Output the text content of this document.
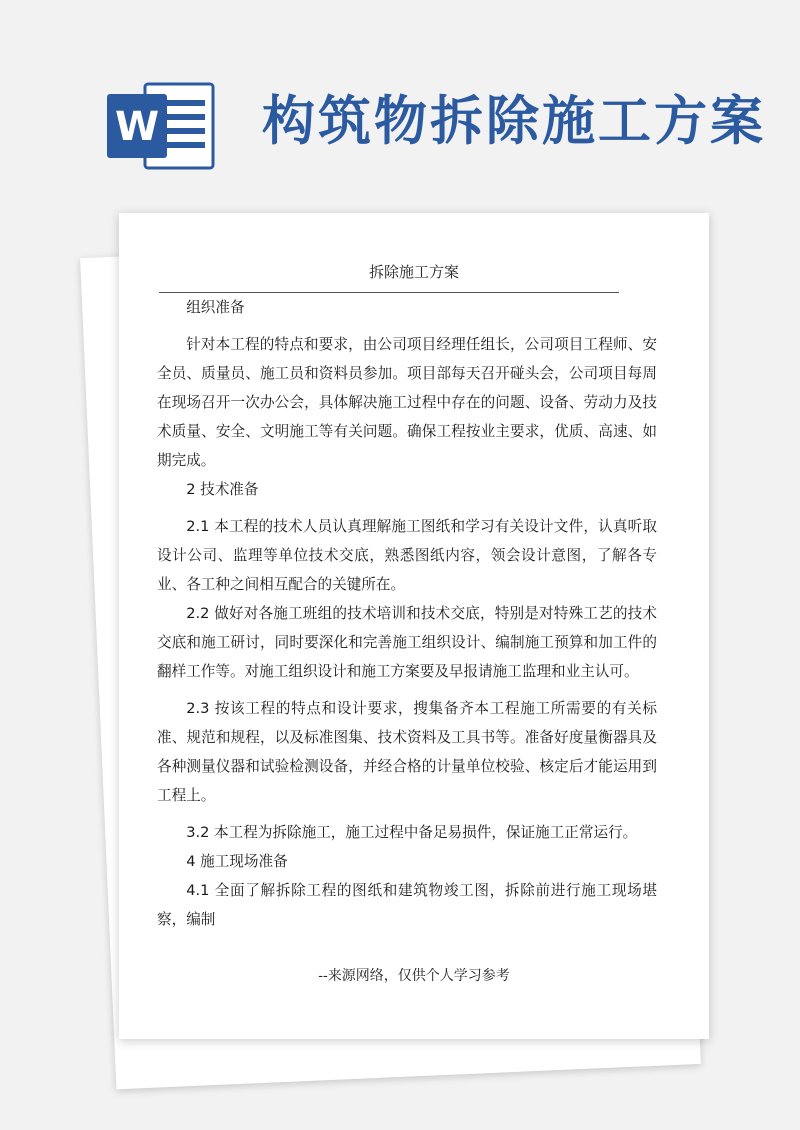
W 构筑物拆除施工方案
拆除施工方案

组织准备

针对本工程的特点和要求，由公司项目经理任组长，公司项目工程师、安全员、质量员、施工员和资料员参加。项目部每天召开碰头会，公司项目每周在现场召开一次办公会，具体解决施工过程中存在的问题、设备、劳动力及技术质量、安全、文明施工等有关问题。确保工程按业主要求，优质、高速、如期完成。

2 技术准备

2.1 本工程的技术人员认真理解施工图纸和学习有关设计文件，认真听取设计公司、监理等单位技术交底，熟悉图纸内容，领会设计意图，了解各专业、各工种之间相互配合的关键所在。

2.2 做好对各施工班组的技术培训和技术交底，特别是对特殊工艺的技术交底和施工研讨，同时要深化和完善施工组织设计、编制施工预算和加工件的翻样工作等。对施工组织设计和施工方案要及早报请施工监理和业主认可。

2.3 按该工程的特点和设计要求，搜集备齐本工程施工所需要的有关标准、规范和规程，以及标准图集、技术资料及工具书等。准备好度量衡器具及各种测量仪器和试验检测设备，并经合格的计量单位校验、核定后才能运用到工程上。

3.2 本工程为拆除施工，施工过程中备足易损件，保证施工正常运行。

4 施工现场准备

4.1 全面了解拆除工程的图纸和建筑物竣工图，拆除前进行施工现场堪察，编制

--来源网络，仅供个人学习参考
